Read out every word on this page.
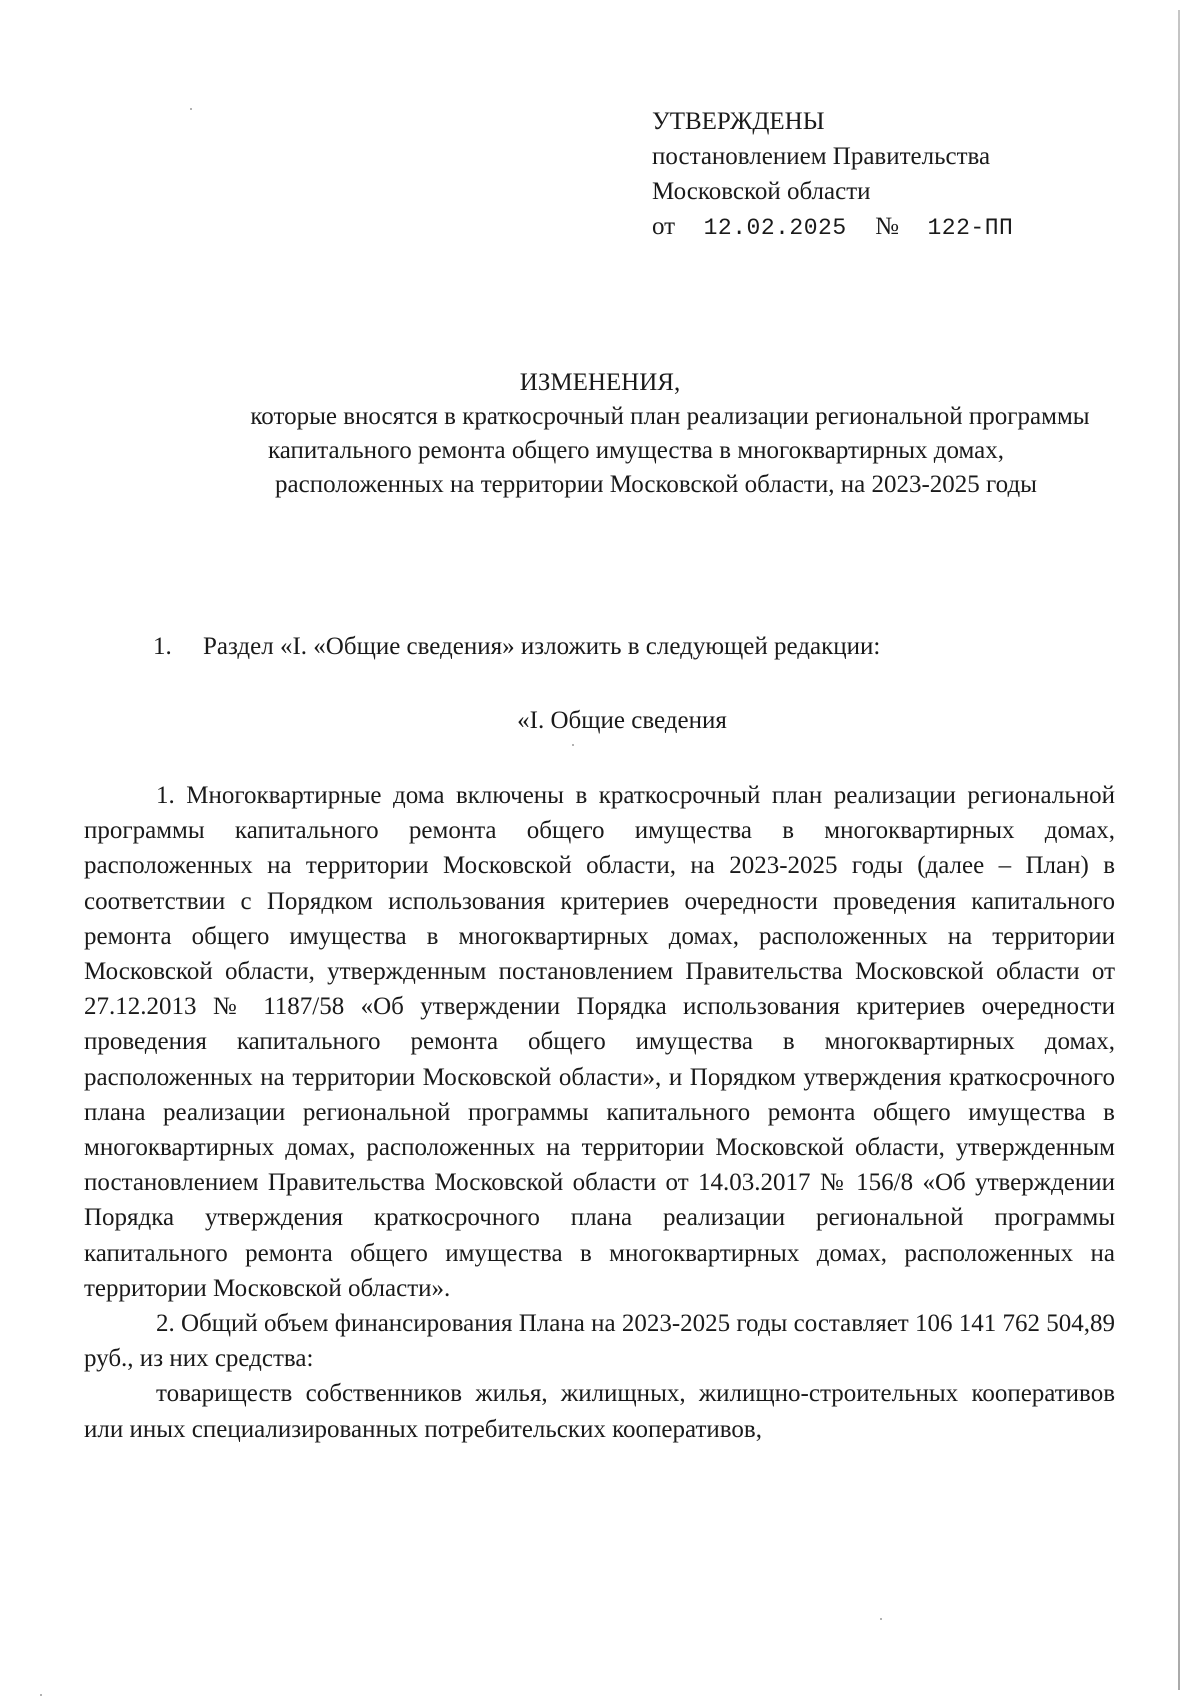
УТВЕРЖДЕНЫ
постановлением Правительства
Московской области
от 12.02.2025 № 122-ПП
ИЗМЕНЕНИЯ,
которые вносятся в краткосрочный план реализации региональной программы
капитального ремонта общего имущества в многоквартирных домах,
расположенных на территории Московской области, на 2023-2025 годы
1. Раздел «I. «Общие сведения» изложить в следующей редакции:
«I. Общие сведения

1. Многоквартирные дома включены в краткосрочный план реализации региональной программы капитального ремонта общего имущества в многоквартирных домах, расположенных на территории Московской области, на 2023-2025 годы (далее – План) в соответствии с Порядком использования критериев очередности проведения капитального ремонта общего имущества в многоквартирных домах, расположенных на территории Московской области, утвержденным постановлением Правительства Московской области от 27.12.2013 № 1187/58 «Об утверждении Порядка использования критериев очередности проведения капитального ремонта общего имущества в многоквартирных домах, расположенных на территории Московской области», и Порядком утверждения краткосрочного плана реализации региональной программы капитального ремонта общего имущества в многоквартирных домах, расположенных на территории Московской области, утвержденным постановлением Правительства Московской области от 14.03.2017 № 156/8 «Об утверждении Порядка утверждения краткосрочного плана реализации региональной программы капитального ремонта общего имущества в многоквартирных домах, расположенных на территории Московской области».

2. Общий объем финансирования Плана на 2023-2025 годы составляет 106 141 762 504,89 руб., из них средства:

товариществ собственников жилья, жилищных, жилищно-строительных кооперативов или иных специализированных потребительских кооперативов,
